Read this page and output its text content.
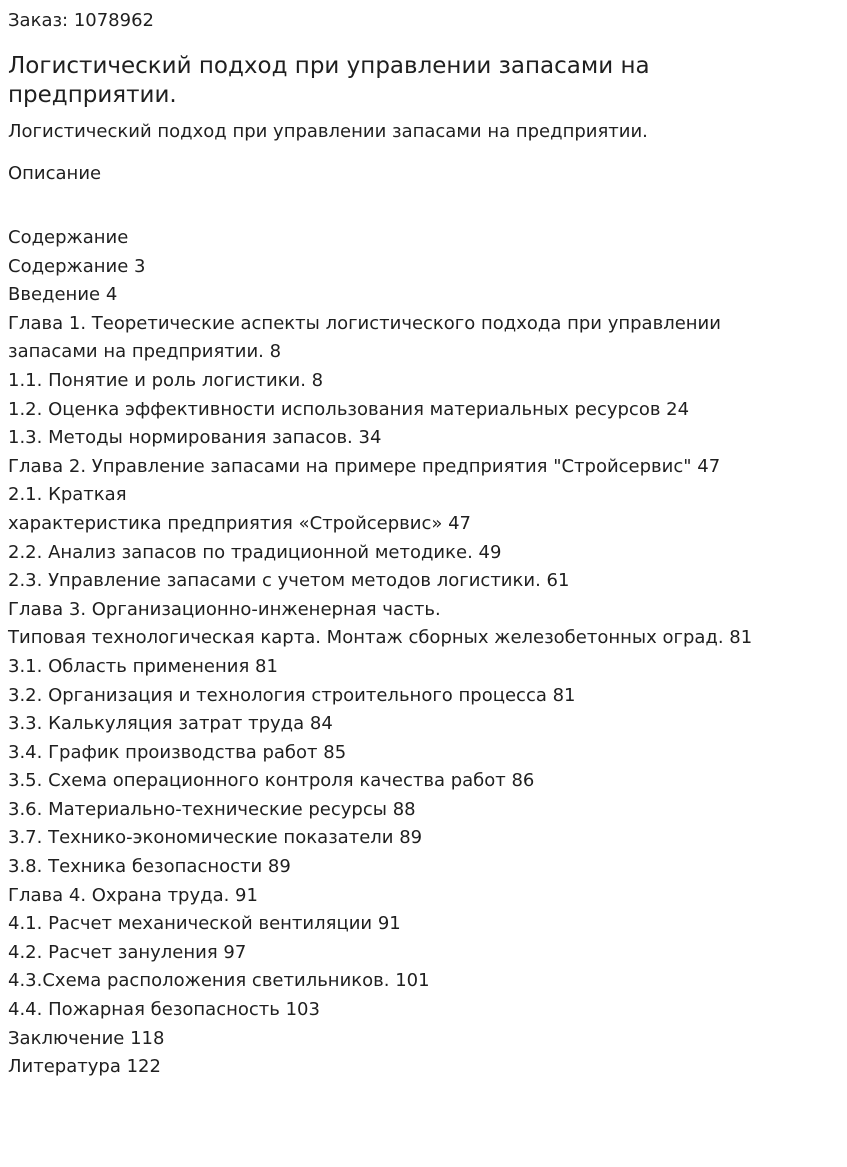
Заказ: 1078962

Логистический подход при управлении запасами на
предприятии.

Логистический подход при управлении запасами на предприятии.

Описание

Содержание
Содержание 3
Введение 4
Глава 1. Теоретические аспекты логистического подхода при управлении
запасами на предприятии. 8
1.1. Понятие и роль логистики. 8
1.2. Оценка эффективности использования материальных ресурсов 24
1.3. Методы нормирования запасов. 34
Глава 2. Управление запасами на примере предприятия "Стройсервис" 47
2.1. Краткая
характеристика предприятия «Стройсервис» 47
2.2. Анализ запасов по традиционной методике. 49
2.3. Управление запасами с учетом методов логистики. 61
Глава 3. Организационно-инженерная часть.
Типовая технологическая карта. Монтаж сборных железобетонных оград. 81
3.1. Область применения 81
3.2. Организация и технология строительного процесса 81
3.3. Калькуляция затрат труда 84
3.4. График производства работ 85
3.5. Схема операционного контроля качества работ 86
3.6. Материально-технические ресурсы 88
3.7. Технико-экономические показатели 89
3.8. Техника безопасности 89
Глава 4. Охрана труда. 91
4.1. Расчет механической вентиляции 91
4.2. Расчет зануления 97
4.3.Схема расположения светильников. 101
4.4. Пожарная безопасность 103
Заключение 118
Литература 122
